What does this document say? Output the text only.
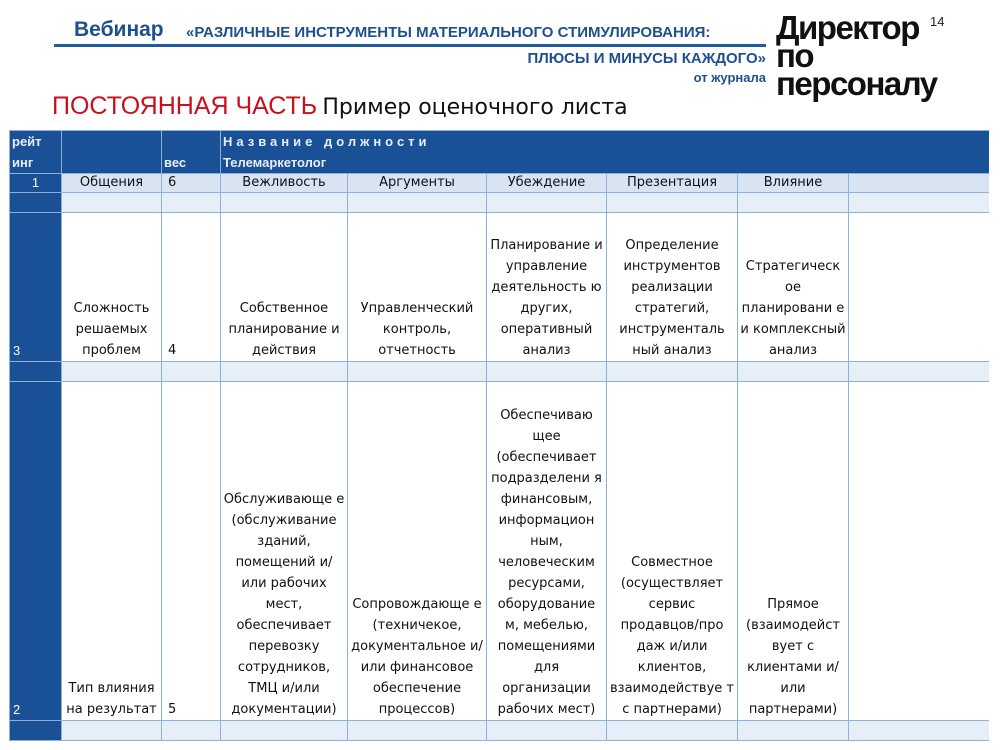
Вебинар «РАЗЛИЧНЫЕ ИНСТРУМЕНТЫ МАТЕРИАЛЬНОГО СТИМУЛИРОВАНИЯ:
ПЛЮСЫ И МИНУСЫ КАЖДОГО»
от журнала
Директор
по персоналу
14
ПОСТОЯННАЯ ЧАСТЬ Пример оценочного листа
рейт инг		вес	Название должности
Телемаркетолог					

1	Общения	6	Вежливость	Аргументы	Убеждение	Презентация	Влияние	

3	Сложность решаемых проблем	4	Собственное планирование и действия	Управленческий контроль, отчетность	Планирование и управление деятельность ю других, оперативный анализ	Определение инструментов реализации стратегий, инструменталь ный анализ	Стратегическ ое планировани е и комплексный анализ	

2	Тип влияния на результат	5	Обслуживающе е (обслуживание зданий, помещений и/или рабочих мест, обеспечивает перевозку сотрудников, ТМЦ и/или документации)	Сопровождающе е (техничекое, документальное и/или финансовое обеспечение процессов)	Обеспечиваю щее (обеспечивает подразделени я финансовым, информацион ным, человеческим ресурсами, оборудование м, мебелью, помещениями для организации рабочих мест)	Совместное (осуществляет сервис продавцов/про даж и/или клиентов, взаимодействуе т с партнерами)	Прямое (взаимодейст вует с клиентами и/или партнерами)	
